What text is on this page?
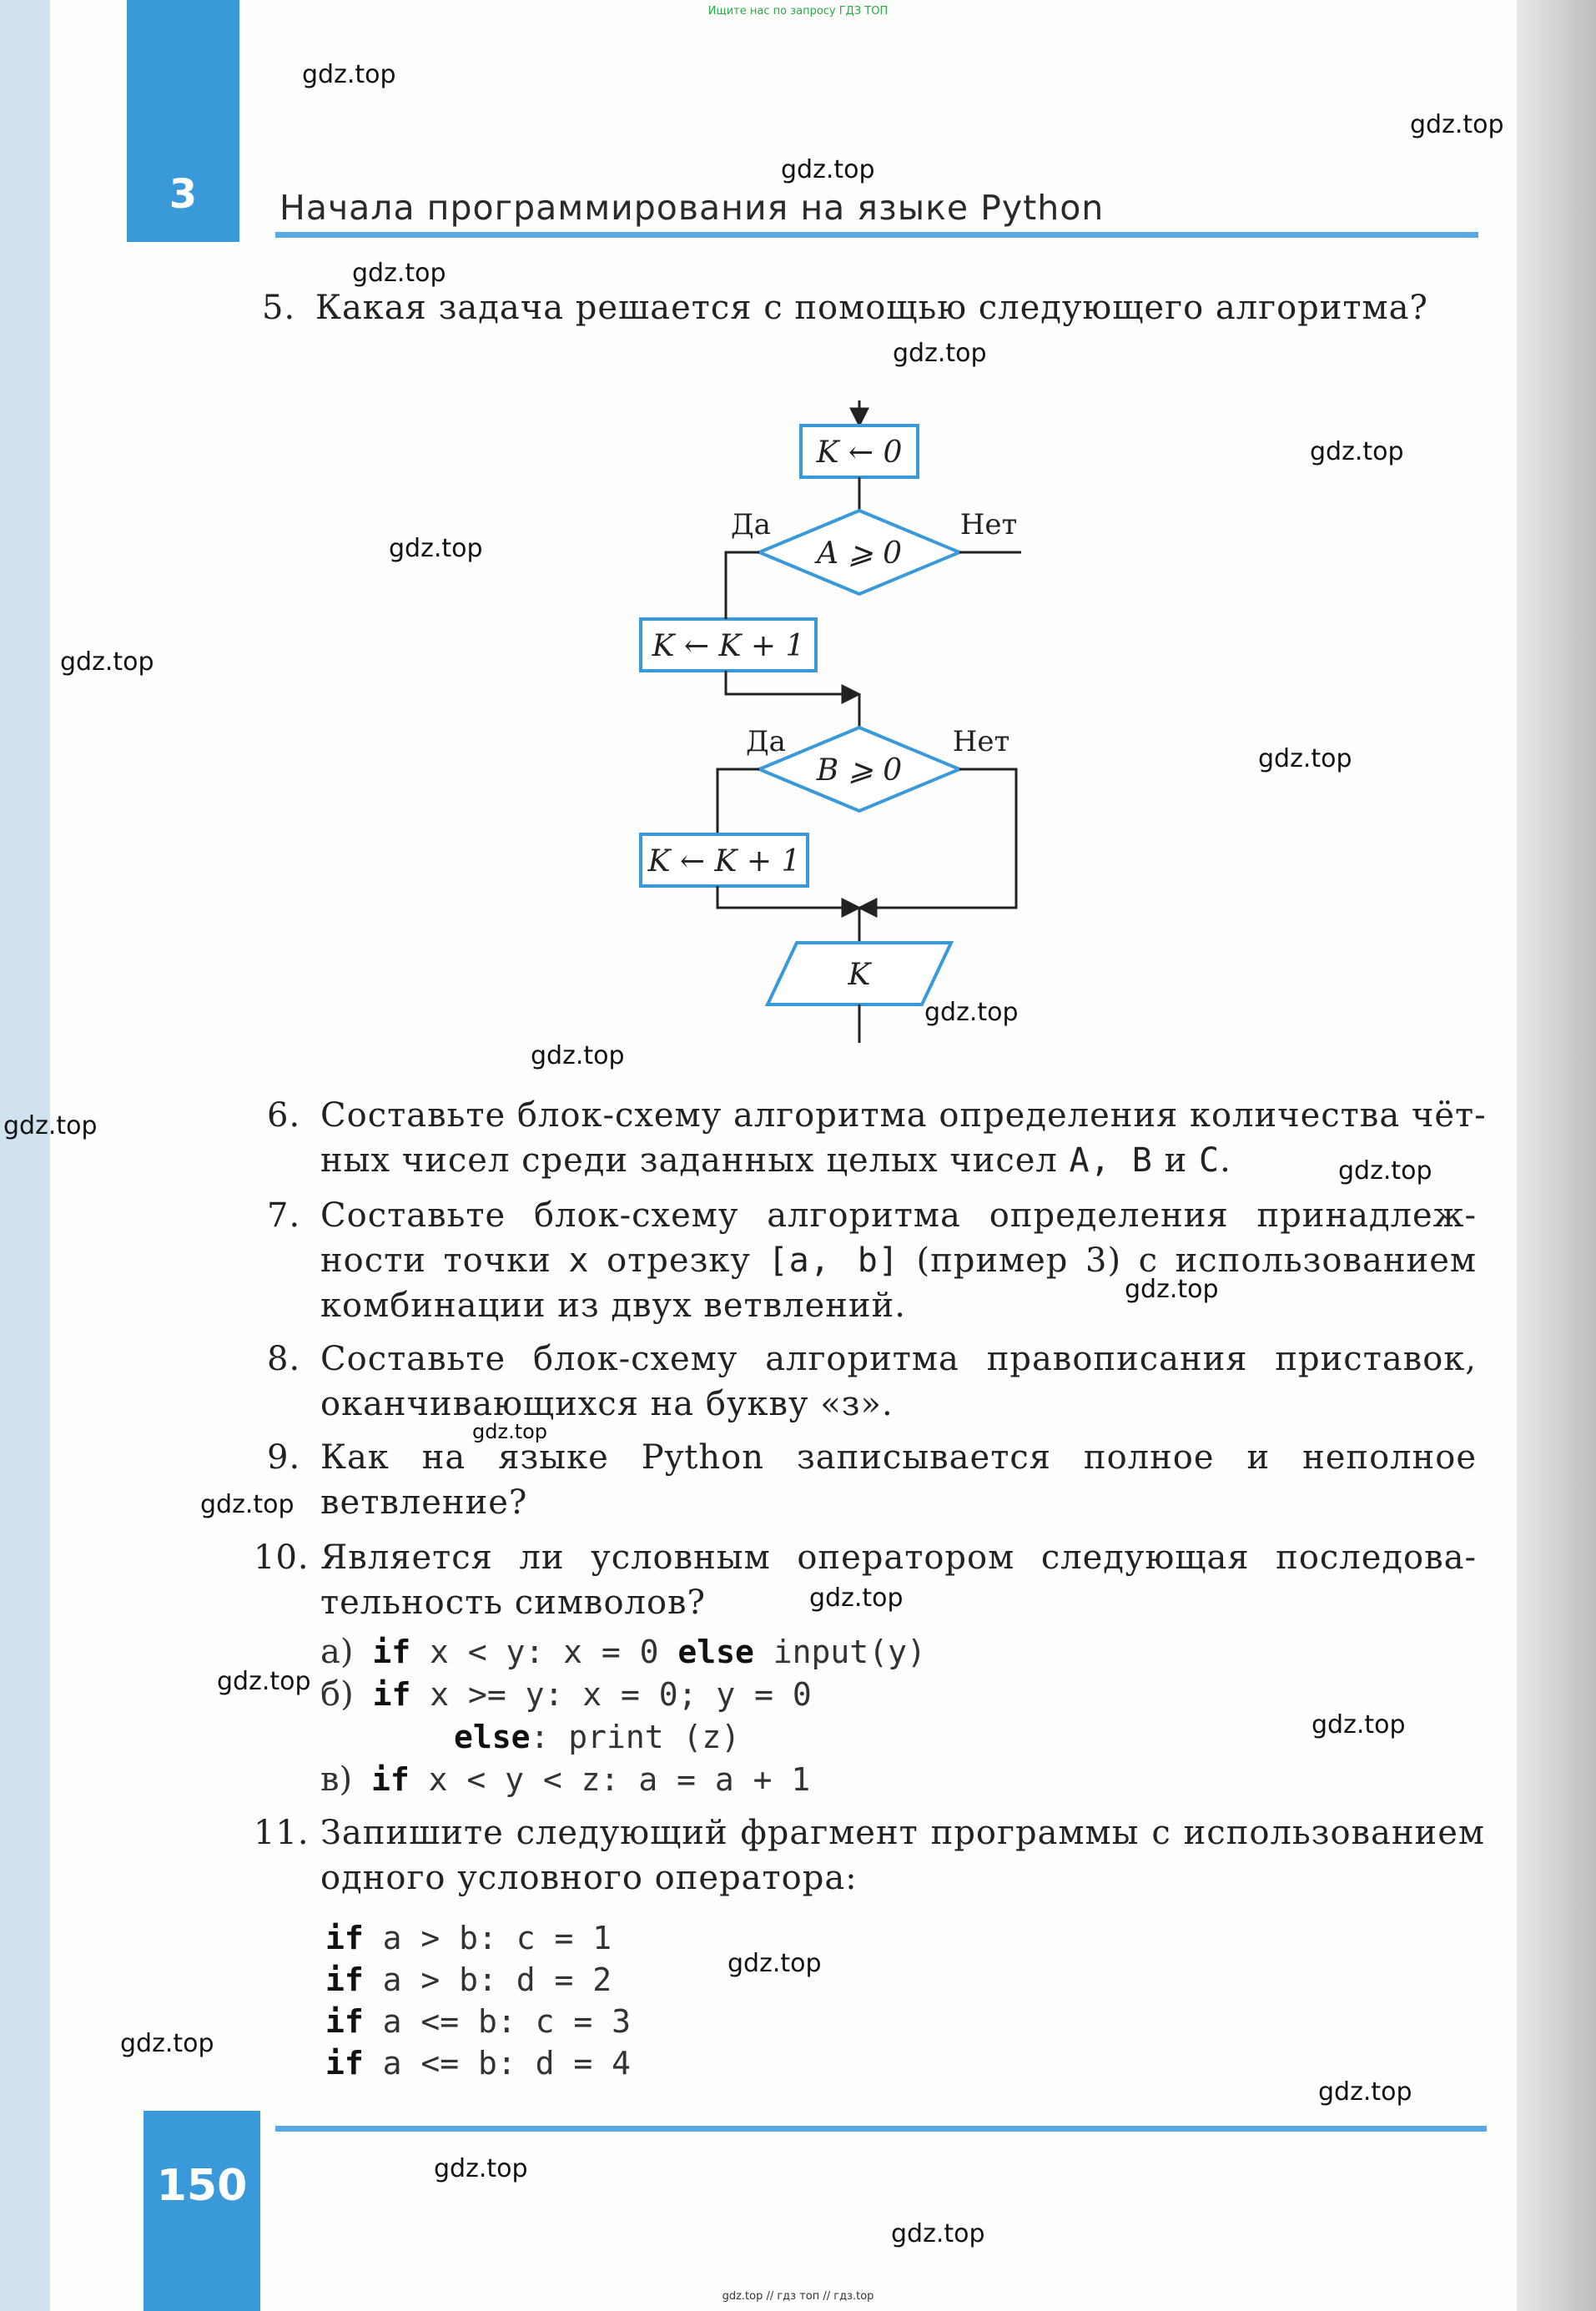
3	Начала программирования на языке Python
150
Ищите нас по запросу ГДЗ ТОП
gdz.top // гдз топ // гдз.top
gdz.top
gdz.top
gdz.top
gdz.top
gdz.top
gdz.top
gdz.top
gdz.top
gdz.top
gdz.top
gdz.top
gdz.top
gdz.top
gdz.top
gdz.top
gdz.top
gdz.top
gdz.top
gdz.top
gdz.top
gdz.top
gdz.top
gdz.top
gdz.top
5. Какая задача решается с помощью следующего алгоритма?
K ← 0
A ⩾ 0
Да	Нет
K ← K + 1
B ⩾ 0
Да	Нет
K ← K + 1
K
6. Составьте блок-схему алгоритма определения количества чёт-
ных чисел среди заданных целых чисел A, B и C.
7. Составьте блок-схему алгоритма определения принадлеж-
ности точки x отрезку [a, b] (пример 3) с использованием
комбинации из двух ветвлений.
8. Составьте блок-схему алгоритма правописания приставок,
оканчивающихся на букву «з».
9. Как на языке Python записывается полное и неполное
ветвление?
10. Является ли условным оператором следующая последова-
тельность символов?
а) if x < y: x = 0 else input(y)
б) if x >= y: x = 0; y = 0
else: print (z)
в) if x < y < z: a = a + 1
11. Запишите следующий фрагмент программы с использованием
одного условного оператора:
if a > b: c = 1
if a > b: d = 2
if a <= b: c = 3
if a <= b: d = 4
